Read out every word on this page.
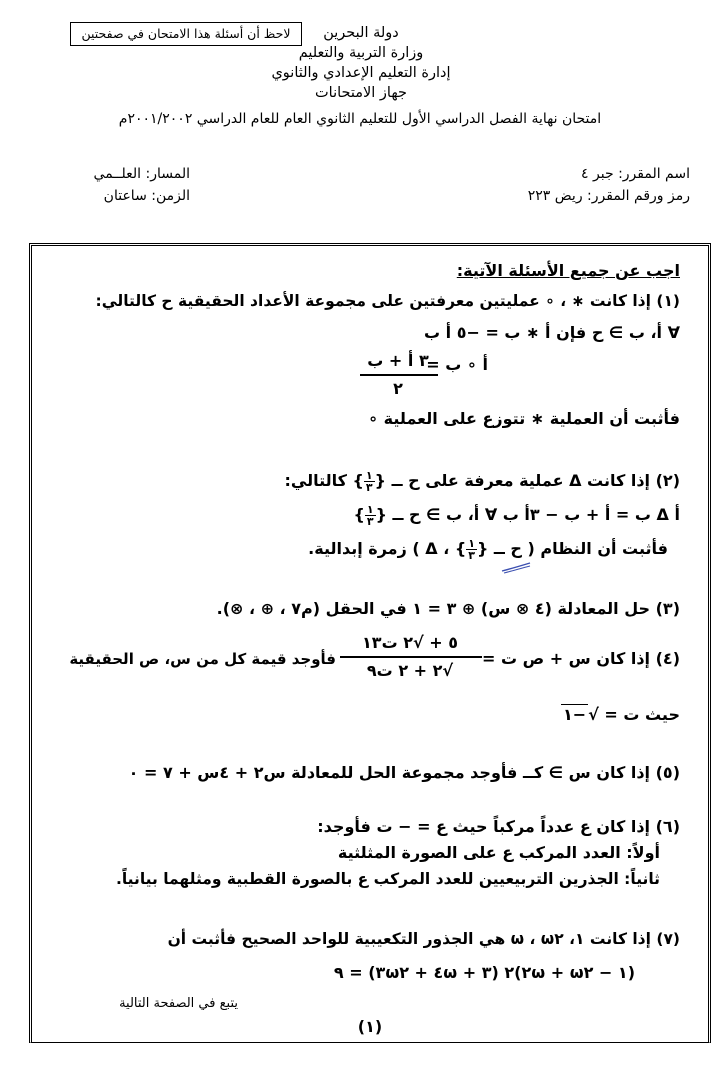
لاحظ أن أسئلة هذا الامتحان في صفحتين	دولة البحرين
وزارة التربية والتعليم
إدارة التعليم الإعدادي والثانوي
جهاز الامتحانات
امتحان نهاية الفصل الدراسي الأول للتعليم الثانوي العام للعام الدراسي ٢٠٠١/٢٠٠٢م
اسم المقرر: جبر ٤
رمز ورقم المقرر: ريض ٢٢٣
المسار: العلــمي
الزمن: ساعتان
اجب عن جميع الأسئلة الآتية:
(١) إذا كانت ∗ ، ∘ عمليتين معرفتين على مجموعة الأعداد الحقيقية ح كالتالي:
∀ أ، ب ∋ ح فإن أ ∗ ب = −٥ أ ب
أ ∘ ب =
٣ أ + ب
٢
فأثبت أن العملية ∗ تتوزع على العملية ∘
(٢) إذا كانت Δ عملية معرفة على ح ــ {
$\frac{١}{٣}$
} كالتالي:
أ Δ ب = أ + ب − ٣أ ب ∀ أ، ب ∋ ح ــ {
$\frac{١}{٣}$
}
فأثبت أن النظام ( ح ــ {
$\frac{١}{٣}$
} ، Δ ) زمرة إبدالية.
(٣) حل المعادلة (٤ ⊗ س) ⊕ ٣ = ١ في الحقل (م٧ ، ⊕ ، ⊗).
(٤) إذا كان س + ص ت =
٥ + √٢ ت١٣
√٢ + ٢ ت٩
فأوجد قيمة كل من س، ص الحقيقية
حيث ت = √−١
(٥) إذا كان س ∋ كــ فأوجد مجموعة الحل للمعادلة س٢ + ٤س + ٧ = ٠
(٦) إذا كان ع عدداً مركباً حيث ع = − ت فأوجد:
أولاً: العدد المركب ع على الصورة المثلثية
ثانياً: الجذرين التربيعيين للعدد المركب ع بالصورة القطبية ومثلهما بيانياً.
(٧) إذا كانت ١، ω ، ω٢ هي الجذور التكعيبية للواحد الصحيح فأثبت أن
(١ − ٢ω + ω٢)٢ (٣ + ٤ω + ٣ω٢) = ٩
يتبع في الصفحة التالية
(١)
